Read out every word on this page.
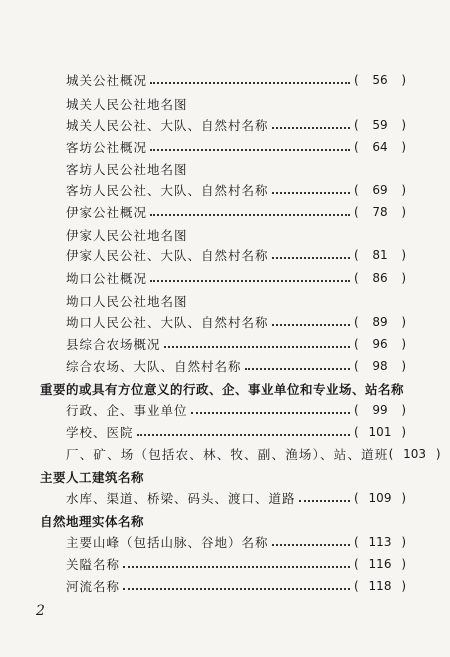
城关公社概况	(	56	)
城关人民公社地名图
城关人民公社、大队、自然村名称	(	59	)
客坊公社概况	(	64	)
客坊人民公社地名图
客坊人民公社、大队、自然村名称	(	69	)
伊家公社概况	(	78	)
伊家人民公社地名图
伊家人民公社、大队、自然村名称	(	81	)
坳口公社概况	(	86	)
坳口人民公社地名图
坳口人民公社、大队、自然村名称	(	89	)
县综合农场概况	(	96	)
综合农场、大队、自然村名称	(	98	)
重要的或具有方位意义的行政、企、事业单位和专业场、站名称
行政、企、事业单位	(	99	)
学校、医院	( 101 )
厂、矿、场（包括农、林、牧、副、渔场）、站、道班 ( 103 )
主要人工建筑名称
水库、渠道、桥梁、码头、渡口、道路	( 109 )
自然地理实体名称
主要山峰（包括山脉、谷地）名称	( 113 )
关隘名称	( 116 )
河流名称	( 118 )
2
